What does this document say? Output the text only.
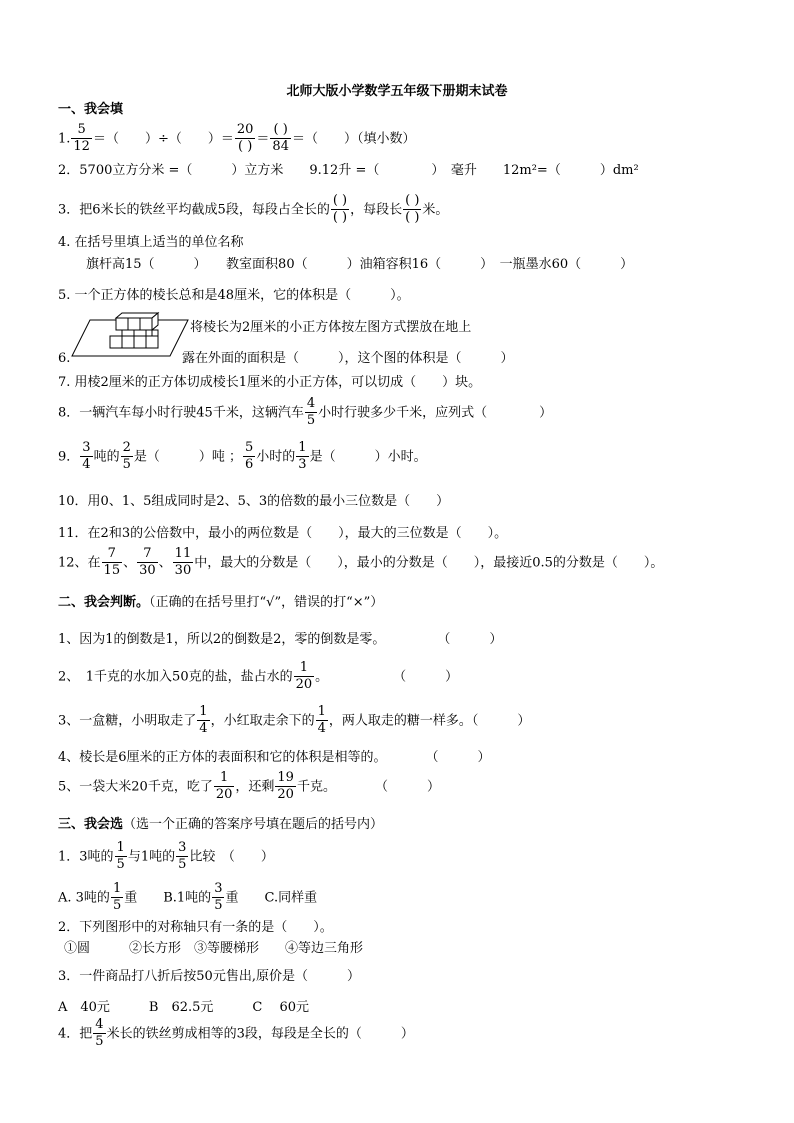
北师大版小学数学五年级下册期末试卷
一、我会填
1. $\frac{5}{12}$ ＝（　　）÷（　　）＝
20
( )
＝
( )
84
＝（　　）（填小数）
2．5700立方分米 =（　　　）立方米　　9.12升 =（　　　　）　毫升　　12m²=（　　　）dm²
3．把6米长的铁丝平均截成5段，每段占全长的
( )
( )
，每段长
( )
( )
米。
4. 在括号里填上适当的单位名称
旗杆高15（　　　）　　教室面积80（　　　）油箱容积16（　　　）　一瓶墨水60（　　　）
5. 一个正方体的棱长总和是48厘米，它的体积是（　　　）。
将棱长为2厘米的小正方体按左图方式摆放在地上
6.	露在外面的面积是（　　　），这个图的体积是（　　　）
7. 用棱2厘米的正方体切成棱长1厘米的小正方体，可以切成（　　）块。
8．一辆汽车每小时行驶45千米，这辆汽车 $\frac{4}{5}$ 小时行驶多少千米，应列式（　　　　）
9． $\frac{3}{4}$ 吨的 $\frac{2}{5}$ 是（　　　）吨 ； $\frac{5}{6}$ 小时的 $\frac{1}{3}$ 是（　　　）小时。
10．用0、1、5组成同时是2、5、3的倍数的最小三位数是（　　）
11．在2和3的公倍数中，最小的两位数是（　　），最大的三位数是（　　）。
12、在 $\frac{7}{15}$ 、 $\frac{7}{30}$ 、 $\frac{11}{30}$ 中，最大的分数是（　　），最小的分数是（　　），最接近0.5的分数是（　　）。
二、我会判断。（正确的在括号里打“√”，错误的打“×”）
1、因为1的倒数是1，所以2的倒数是2，零的倒数是零。　　　　　（　　　）
2、　1千克的水加入50克的盐，盐占水的 $\frac{1}{20}$ 。　　　　　　（　　　）
3、一盒糖，小明取走了 $\frac{1}{4}$ ，小红取走余下的 $\frac{1}{4}$ ，两人取走的糖一样多。（　　　）
4、棱长是6厘米的正方体的表面积和它的体积是相等的。　　　　（　　　）
5、一袋大米20千克，吃了 $\frac{1}{20}$ ，还剩 $\frac{19}{20}$ 千克。　　　　（　　　）
三、我会选（选一个正确的答案序号填在题后的括号内）
1．3吨的 $\frac{1}{5}$ 与1吨的 $\frac{3}{5}$ 比较　（　　）
A. 3吨的 $\frac{1}{5}$ 重　　B.1吨的 $\frac{3}{5}$ 重　　C.同样重
2．下列图形中的对称轴只有一条的是（　　）。
①圆　　　②长方形　③等腰梯形　　④等边三角形
3．一件商品打八折后按50元售出,原价是（　　　）
A　40元　　　B　62.5元　　　C　 60元
4．把 $\frac{4}{5}$ 米长的铁丝剪成相等的3段，每段是全长的（　　　）
